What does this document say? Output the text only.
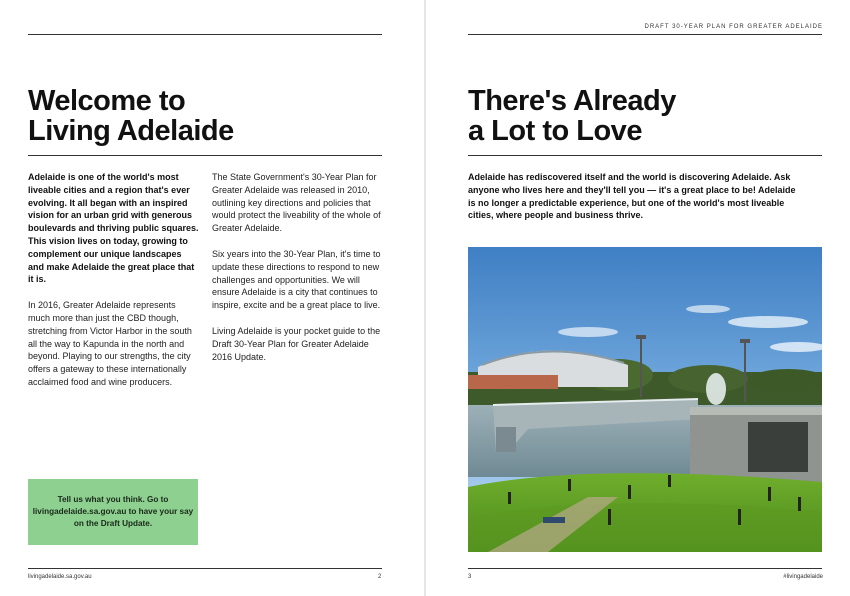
Welcome to
Living Adelaide

Adelaide is one of the world's most liveable cities and a region that's ever evolving. It all began with an inspired vision for an urban grid with generous boulevards and thriving public squares. This vision lives on today, growing to complement our unique landscapes and make Adelaide the great place that it is.

In 2016, Greater Adelaide represents much more than just the CBD though, stretching from Victor Harbor in the south all the way to Kapunda in the north and beyond. Playing to our strengths, the city offers a gateway to these internationally acclaimed food and wine producers.

The State Government's 30-Year Plan for Greater Adelaide was released in 2010, outlining key directions and policies that would protect the liveability of the whole of Greater Adelaide.

Six years into the 30-Year Plan, it's time to update these directions to respond to new challenges and opportunities. We will ensure Adelaide is a city that continues to inspire, excite and be a great place to live.

Living Adelaide is your pocket guide to the Draft 30-Year Plan for Greater Adelaide 2016 Update.

Tell us what you think. Go to livingadelaide.sa.gov.au to have your say on the Draft Update.
livingadelaide.sa.gov.au	2
DRAFT 30-YEAR PLAN FOR GREATER ADELAIDE
There's Already
a Lot to Love
Adelaide has rediscovered itself and the world is discovering Adelaide. Ask anyone who lives here and they'll tell you — it's a great place to be! Adelaide is no longer a predictable experience, but one of the world's most liveable cities, where people and business thrive.
3	#livingadelaide
